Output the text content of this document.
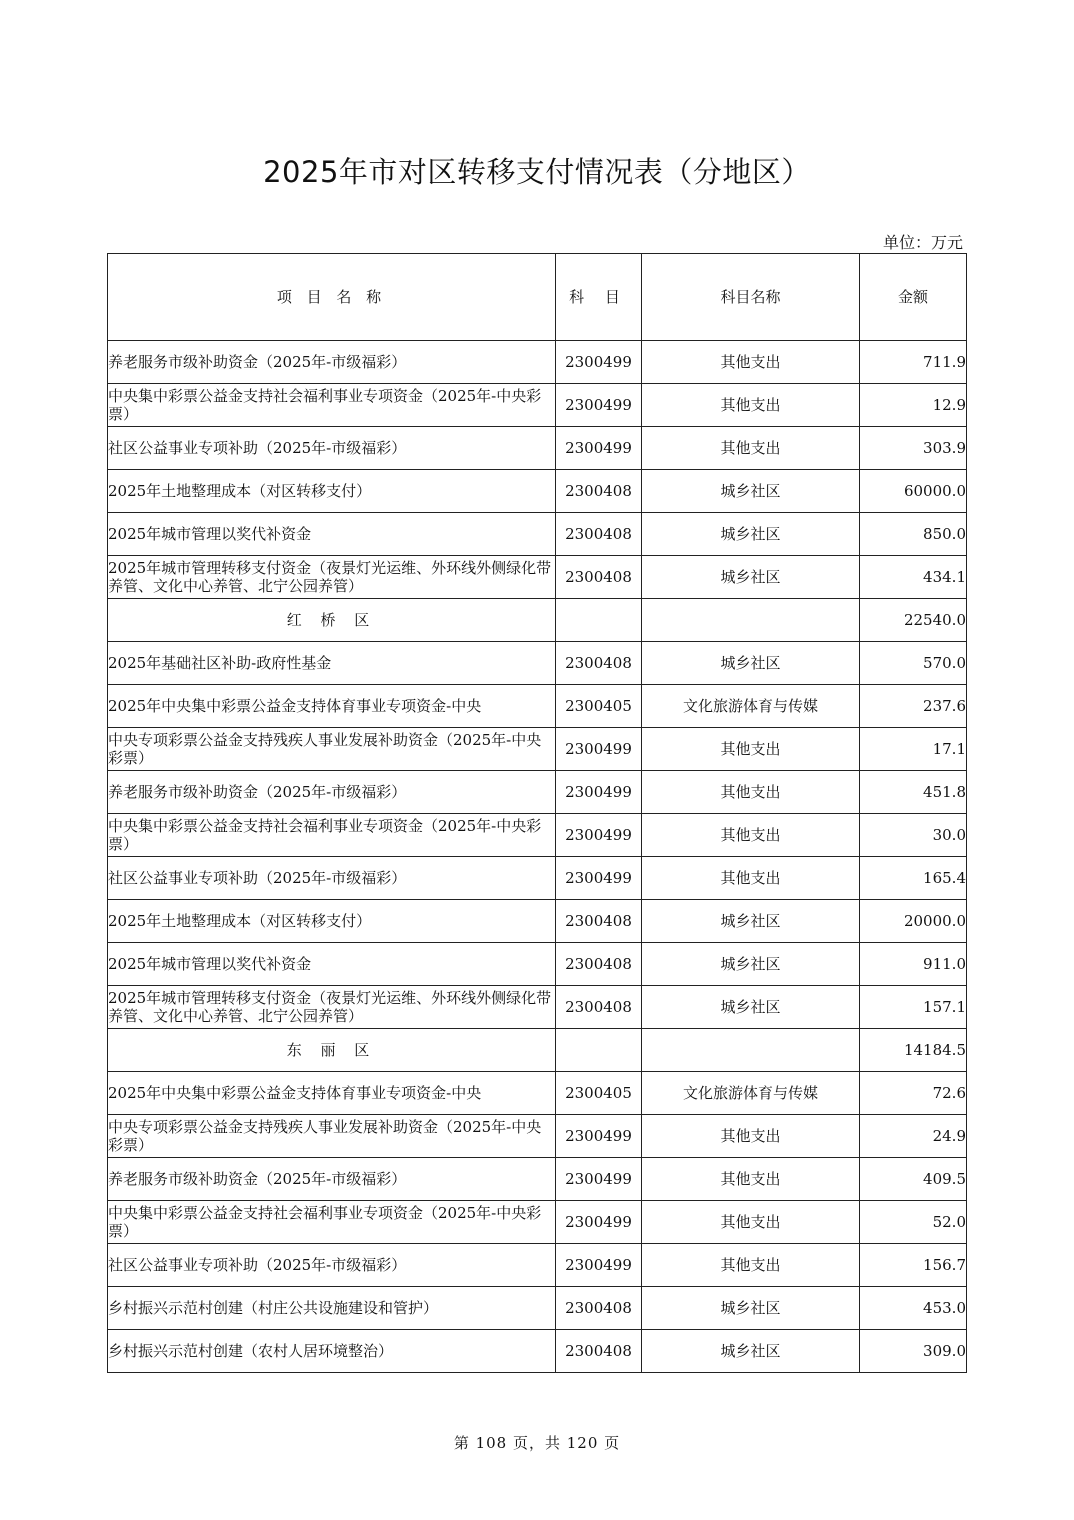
2025年市对区转移支付情况表（分地区）
单位：万元
项 目 名 称	科 目	科目名称	金额
养老服务市级补助资金（2025年-市级福彩）	2300499	其他支出	711.9
中央集中彩票公益金支持社会福利事业专项资金（2025年-中央彩票）	2300499	其他支出	12.9
社区公益事业专项补助（2025年-市级福彩）	2300499	其他支出	303.9
2025年土地整理成本（对区转移支付）	2300408	城乡社区	60000.0
2025年城市管理以奖代补资金	2300408	城乡社区	850.0
2025年城市管理转移支付资金（夜景灯光运维、外环线外侧绿化带养管、文化中心养管、北宁公园养管）	2300408	城乡社区	434.1
红 桥 区			22540.0
2025年基础社区补助-政府性基金	2300408	城乡社区	570.0
2025年中央集中彩票公益金支持体育事业专项资金-中央	2300405	文化旅游体育与传媒	237.6
中央专项彩票公益金支持残疾人事业发展补助资金（2025年-中央彩票）	2300499	其他支出	17.1
养老服务市级补助资金（2025年-市级福彩）	2300499	其他支出	451.8
中央集中彩票公益金支持社会福利事业专项资金（2025年-中央彩票）	2300499	其他支出	30.0
社区公益事业专项补助（2025年-市级福彩）	2300499	其他支出	165.4
2025年土地整理成本（对区转移支付）	2300408	城乡社区	20000.0
2025年城市管理以奖代补资金	2300408	城乡社区	911.0
2025年城市管理转移支付资金（夜景灯光运维、外环线外侧绿化带养管、文化中心养管、北宁公园养管）	2300408	城乡社区	157.1
东 丽 区			14184.5
2025年中央集中彩票公益金支持体育事业专项资金-中央	2300405	文化旅游体育与传媒	72.6
中央专项彩票公益金支持残疾人事业发展补助资金（2025年-中央彩票）	2300499	其他支出	24.9
养老服务市级补助资金（2025年-市级福彩）	2300499	其他支出	409.5
中央集中彩票公益金支持社会福利事业专项资金（2025年-中央彩票）	2300499	其他支出	52.0
社区公益事业专项补助（2025年-市级福彩）	2300499	其他支出	156.7
乡村振兴示范村创建（村庄公共设施建设和管护）	2300408	城乡社区	453.0
乡村振兴示范村创建（农村人居环境整治）	2300408	城乡社区	309.0
第 108 页，共 120 页
